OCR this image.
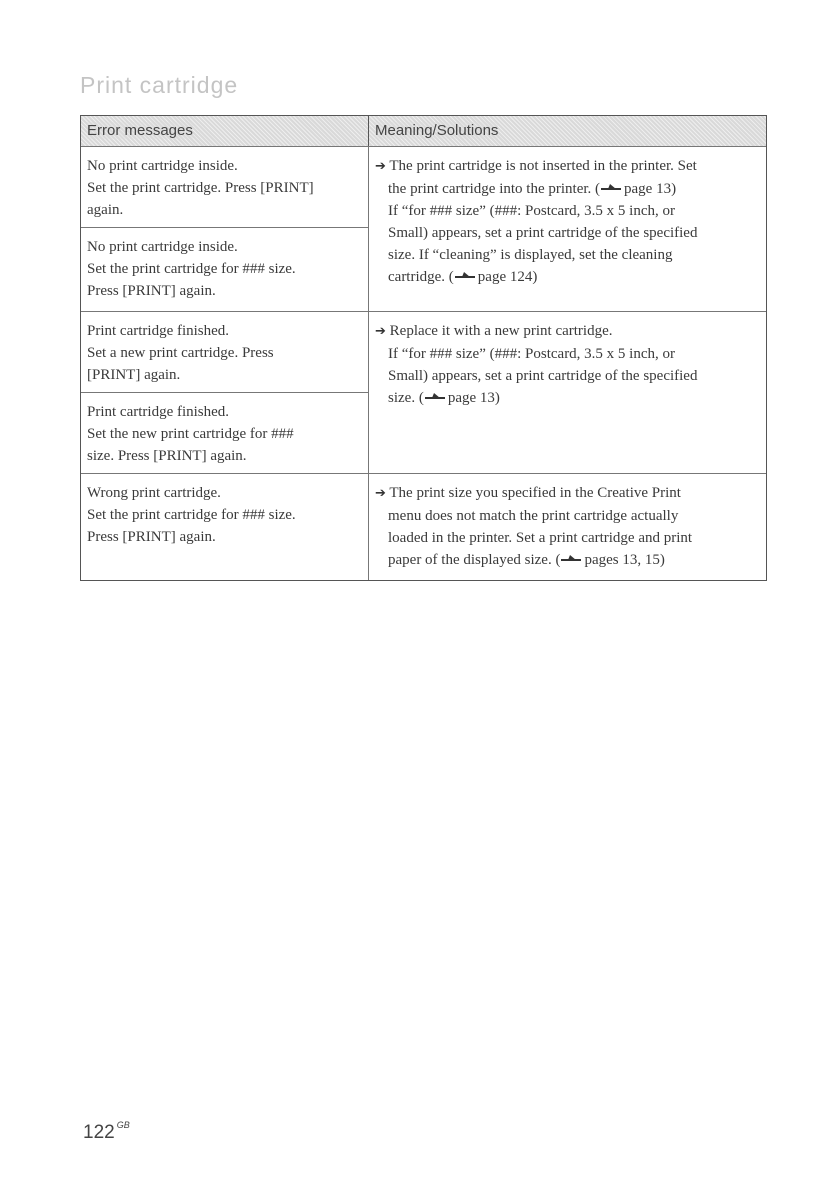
Print cartridge
Error messages	Meaning/Solutions

No print cartridge inside.

Set the print cartridge. Press [PRINT]

again.

No print cartridge inside.

Set the print cartridge for ### size.

Press [PRINT] again.

➔ The print cartridge is not inserted in the printer. Set
the print cartridge into the printer. ( page 13)
If “for ### size” (###: Postcard, 3.5 x 5 inch, or
Small) appears, set a print cartridge of the specified
size. If “cleaning” is displayed, set the cleaning
cartridge. ( page 124)

Print cartridge finished.

Set a new print cartridge. Press

[PRINT] again.

Print cartridge finished.

Set the new print cartridge for ###

size. Press [PRINT] again.

➔ Replace it with a new print cartridge.
If “for ### size” (###: Postcard, 3.5 x 5 inch, or
Small) appears, set a print cartridge of the specified
size. ( page 13)

Wrong print cartridge.

Set the print cartridge for ### size.

Press [PRINT] again.

➔ The print size you specified in the Creative Print
menu does not match the print cartridge actually
loaded in the printer. Set a print cartridge and print
paper of the displayed size. ( pages 13, 15)

122 $^{GB}$
